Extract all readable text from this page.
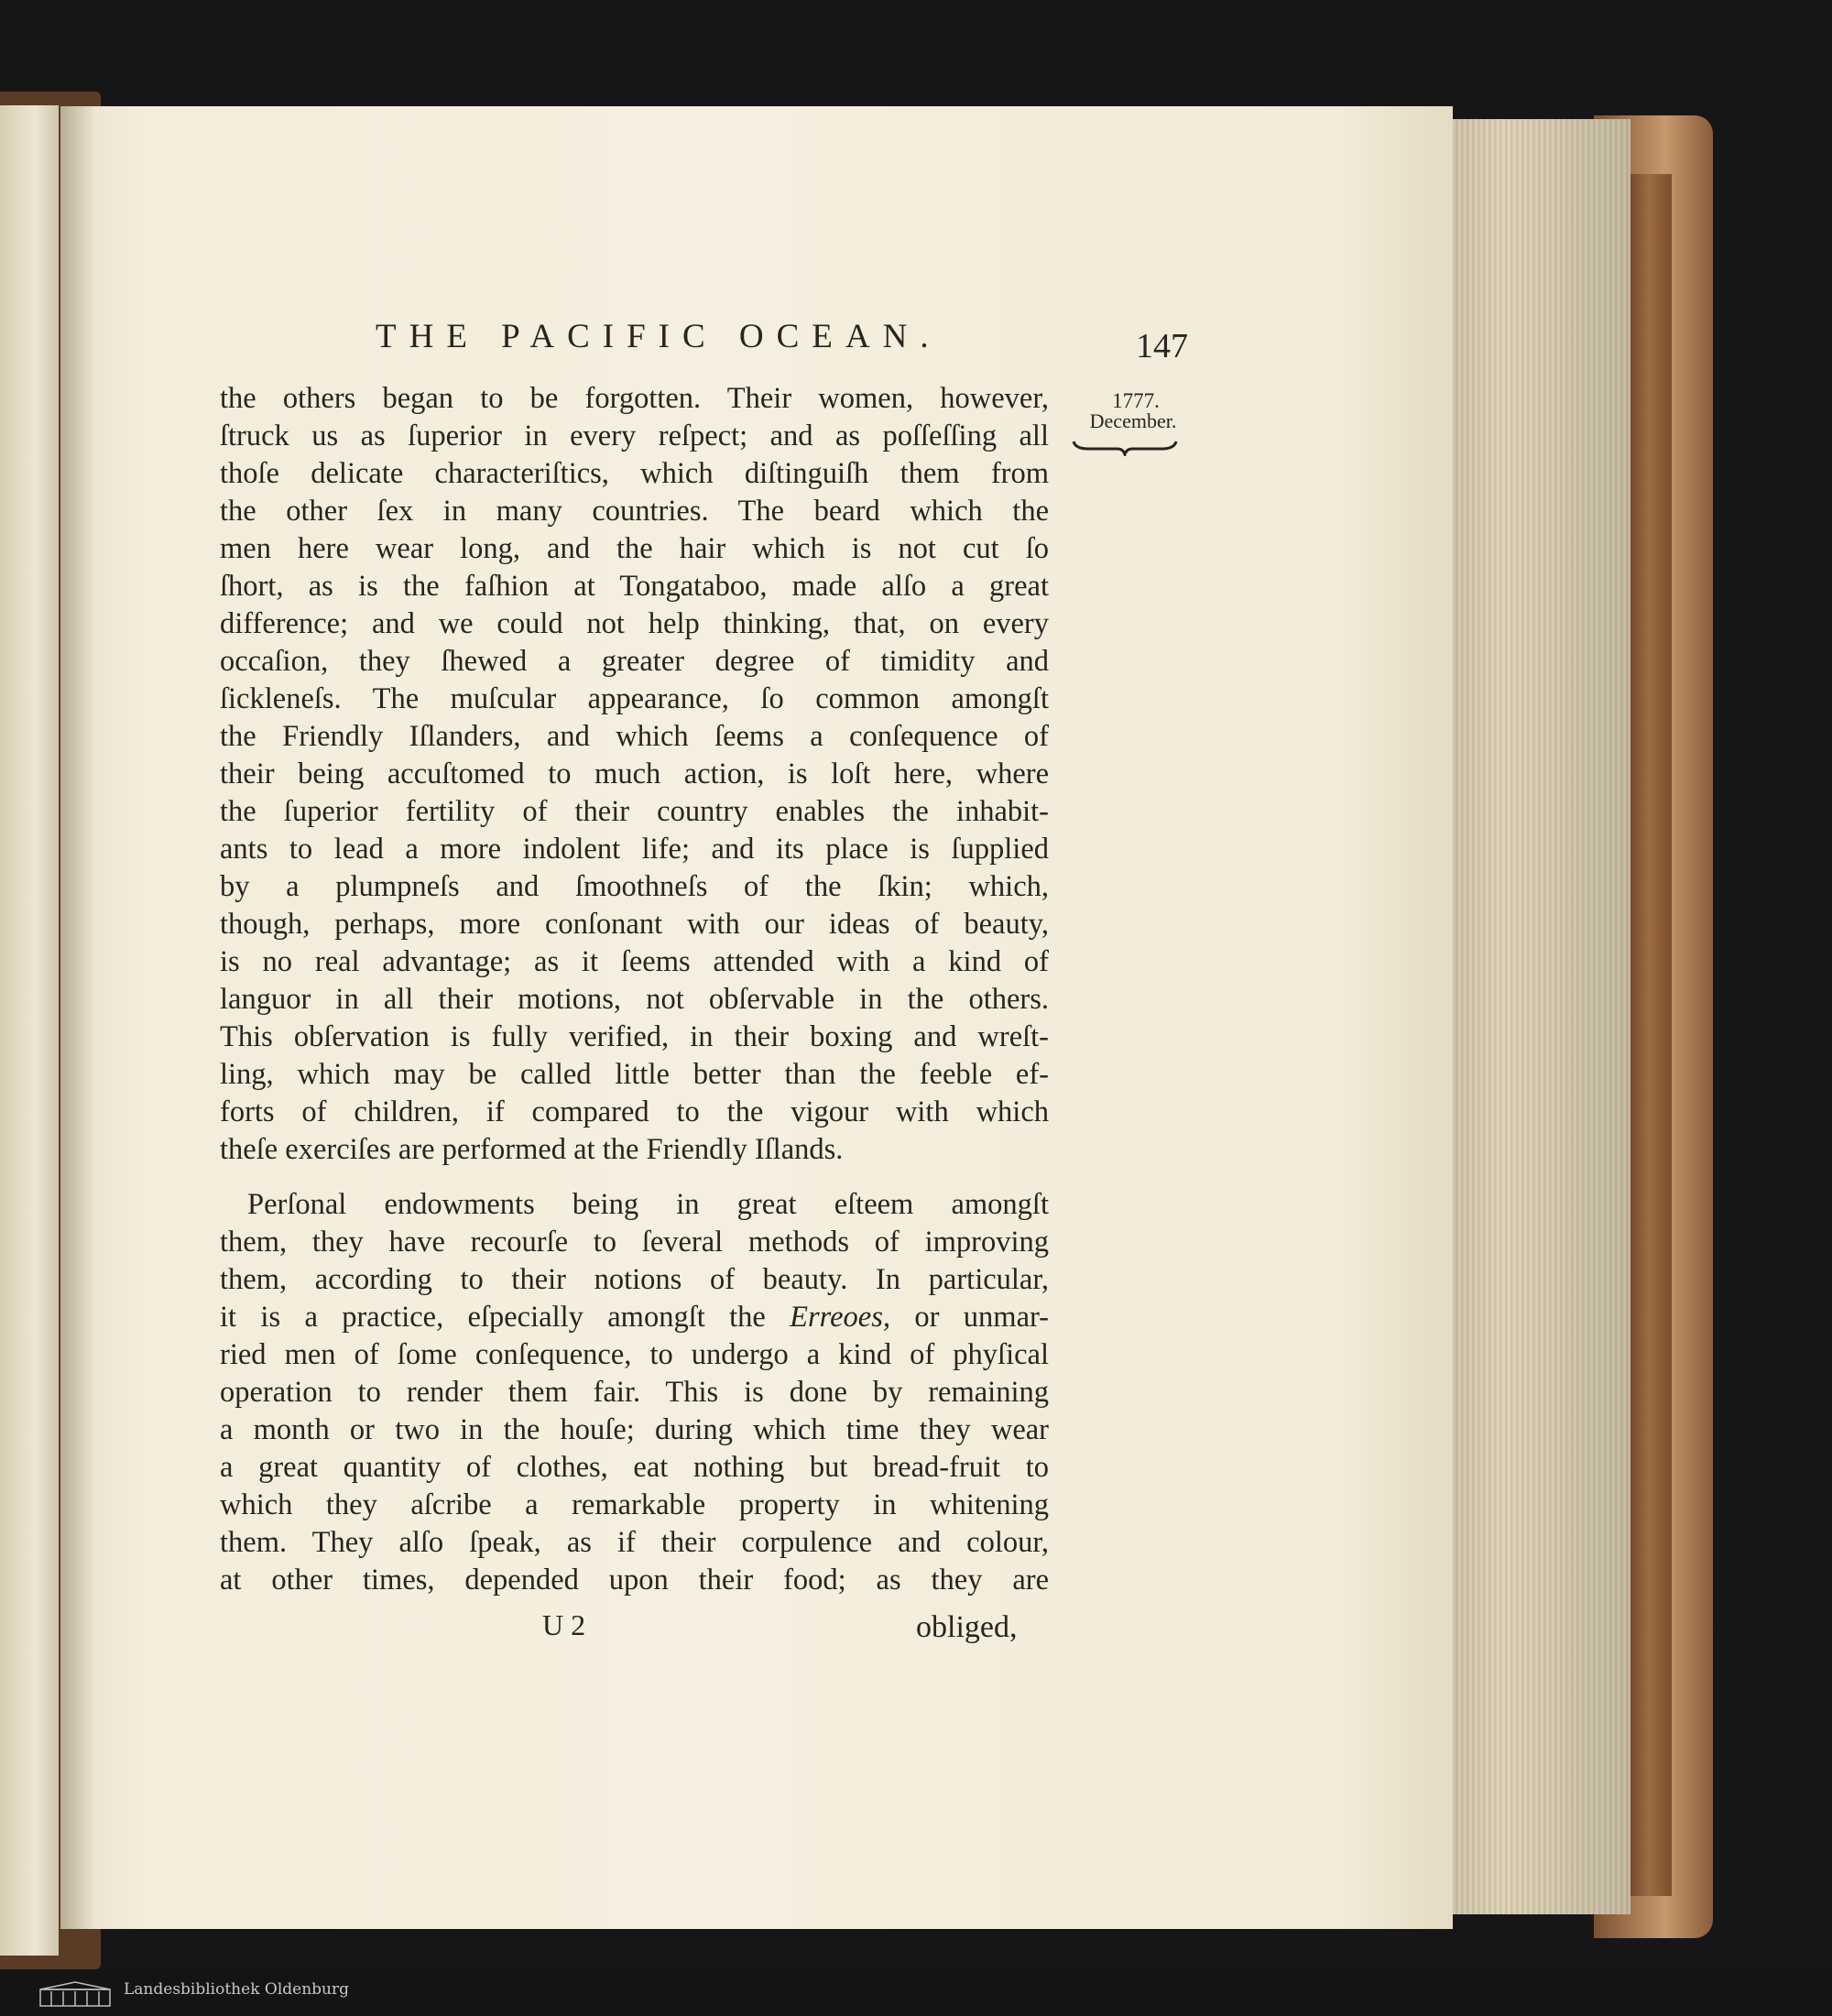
THE PACIFIC OCEAN.	147
1777.
December.
the others began to be forgotten. Their women, however,
ſtruck us as ſuperior in every reſpect; and as poſſeſſing all
thoſe delicate characteriſtics, which diſtinguiſh them from
the other ſex in many countries. The beard which the
men here wear long, and the hair which is not cut ſo
ſhort, as is the faſhion at Tongataboo, made alſo a great
difference; and we could not help thinking, that, on every
occaſion, they ſhewed a greater degree of timidity and
ſickleneſs. The muſcular appearance, ſo common amongſt
the Friendly Iſlanders, and which ſeems a conſequence of
their being accuſtomed to much action, is loſt here, where
the ſuperior fertility of their country enables the inhabit-
ants to lead a more indolent life; and its place is ſupplied
by a plumpneſs and ſmoothneſs of the ſkin; which,
though, perhaps, more conſonant with our ideas of beauty,
is no real advantage; as it ſeems attended with a kind of
languor in all their motions, not obſervable in the others.
This obſervation is fully verified, in their boxing and wreſt-
ling, which may be called little better than the feeble ef-
forts of children, if compared to the vigour with which
theſe exerciſes are performed at the Friendly Iſlands.
Perſonal endowments being in great eſteem amongſt
them, they have recourſe to ſeveral methods of improving
them, according to their notions of beauty. In particular,
it is a practice, eſpecially amongſt the Erreoes, or unmar-
ried men of ſome conſequence, to undergo a kind of phyſical
operation to render them fair. This is done by remaining
a month or two in the houſe; during which time they wear
a great quantity of clothes, eat nothing but bread-fruit to
which they aſcribe a remarkable property in whitening
them. They alſo ſpeak, as if their corpulence and colour,
at other times, depended upon their food; as they are
U 2	obliged,
Landesbibliothek Oldenburg
